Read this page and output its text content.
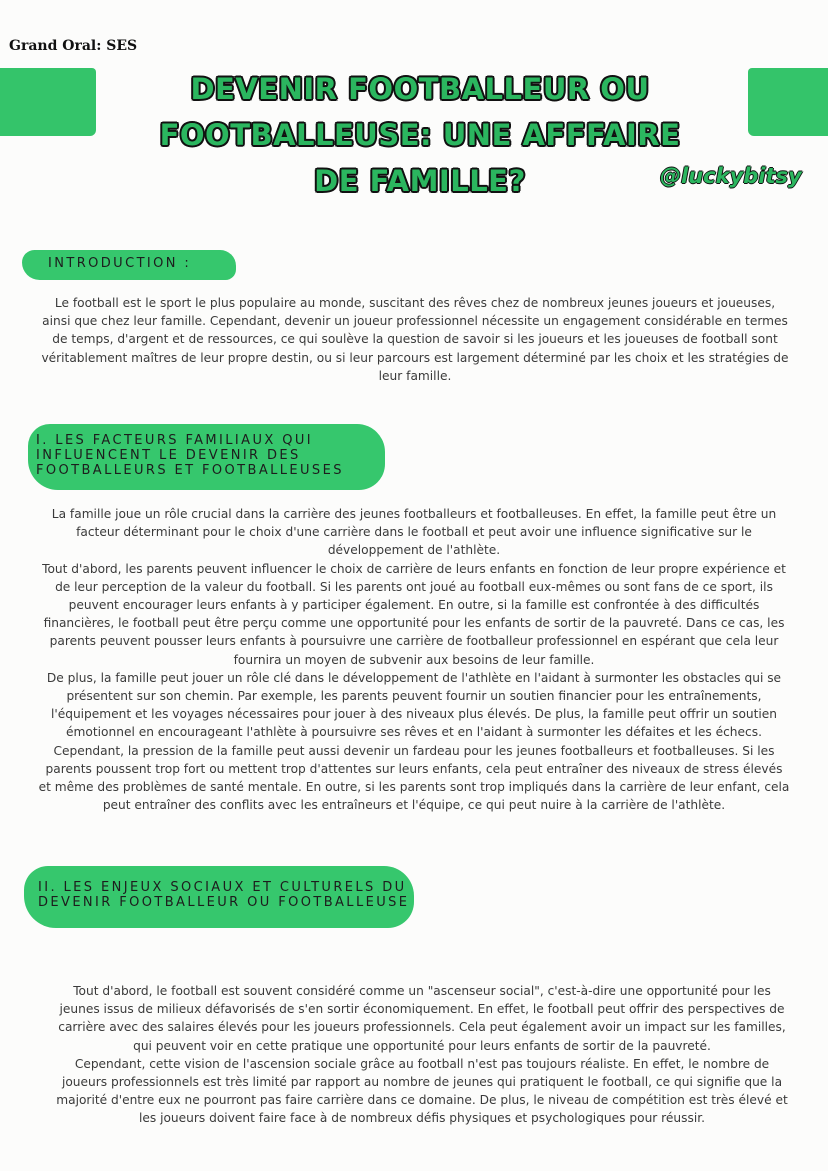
Grand Oral: SES
DEVENIR FOOTBALLEUR OU FOOTBALLEUSE: UNE AFFFAIRE DE FAMILLE?	@luckybitsy
INTRODUCTION :

Le football est le sport le plus populaire au monde, suscitant des rêves chez de nombreux jeunes joueurs et joueuses, ainsi que chez leur famille. Cependant, devenir un joueur professionnel nécessite un engagement considérable en termes de temps, d'argent et de ressources, ce qui soulève la question de savoir si les joueurs et les joueuses de football sont véritablement maîtres de leur propre destin, ou si leur parcours est largement déterminé par les choix et les stratégies de leur famille.

I. LES FACTEURS FAMILIAUX QUI INFLUENCENT LE DEVENIR DES FOOTBALLEURS ET FOOTBALLEUSES

La famille joue un rôle crucial dans la carrière des jeunes footballeurs et footballeuses. En effet, la famille peut être un facteur déterminant pour le choix d'une carrière dans le football et peut avoir une influence significative sur le développement de l'athlète.

Tout d'abord, les parents peuvent influencer le choix de carrière de leurs enfants en fonction de leur propre expérience et de leur perception de la valeur du football. Si les parents ont joué au football eux-mêmes ou sont fans de ce sport, ils peuvent encourager leurs enfants à y participer également. En outre, si la famille est confrontée à des difficultés financières, le football peut être perçu comme une opportunité pour les enfants de sortir de la pauvreté. Dans ce cas, les parents peuvent pousser leurs enfants à poursuivre une carrière de footballeur professionnel en espérant que cela leur fournira un moyen de subvenir aux besoins de leur famille.

De plus, la famille peut jouer un rôle clé dans le développement de l'athlète en l'aidant à surmonter les obstacles qui se présentent sur son chemin. Par exemple, les parents peuvent fournir un soutien financier pour les entraînements, l'équipement et les voyages nécessaires pour jouer à des niveaux plus élevés. De plus, la famille peut offrir un soutien émotionnel en encourageant l'athlète à poursuivre ses rêves et en l'aidant à surmonter les défaites et les échecs.

Cependant, la pression de la famille peut aussi devenir un fardeau pour les jeunes footballeurs et footballeuses. Si les parents poussent trop fort ou mettent trop d'attentes sur leurs enfants, cela peut entraîner des niveaux de stress élevés et même des problèmes de santé mentale. En outre, si les parents sont trop impliqués dans la carrière de leur enfant, cela peut entraîner des conflits avec les entraîneurs et l'équipe, ce qui peut nuire à la carrière de l'athlète.

II. LES ENJEUX SOCIAUX ET CULTURELS DU DEVENIR FOOTBALLEUR OU FOOTBALLEUSE

Tout d'abord, le football est souvent considéré comme un "ascenseur social", c'est-à-dire une opportunité pour les jeunes issus de milieux défavorisés de s'en sortir économiquement. En effet, le football peut offrir des perspectives de carrière avec des salaires élevés pour les joueurs professionnels. Cela peut également avoir un impact sur les familles, qui peuvent voir en cette pratique une opportunité pour leurs enfants de sortir de la pauvreté.

Cependant, cette vision de l'ascension sociale grâce au football n'est pas toujours réaliste. En effet, le nombre de joueurs professionnels est très limité par rapport au nombre de jeunes qui pratiquent le football, ce qui signifie que la majorité d'entre eux ne pourront pas faire carrière dans ce domaine. De plus, le niveau de compétition est très élevé et les joueurs doivent faire face à de nombreux défis physiques et psychologiques pour réussir.
